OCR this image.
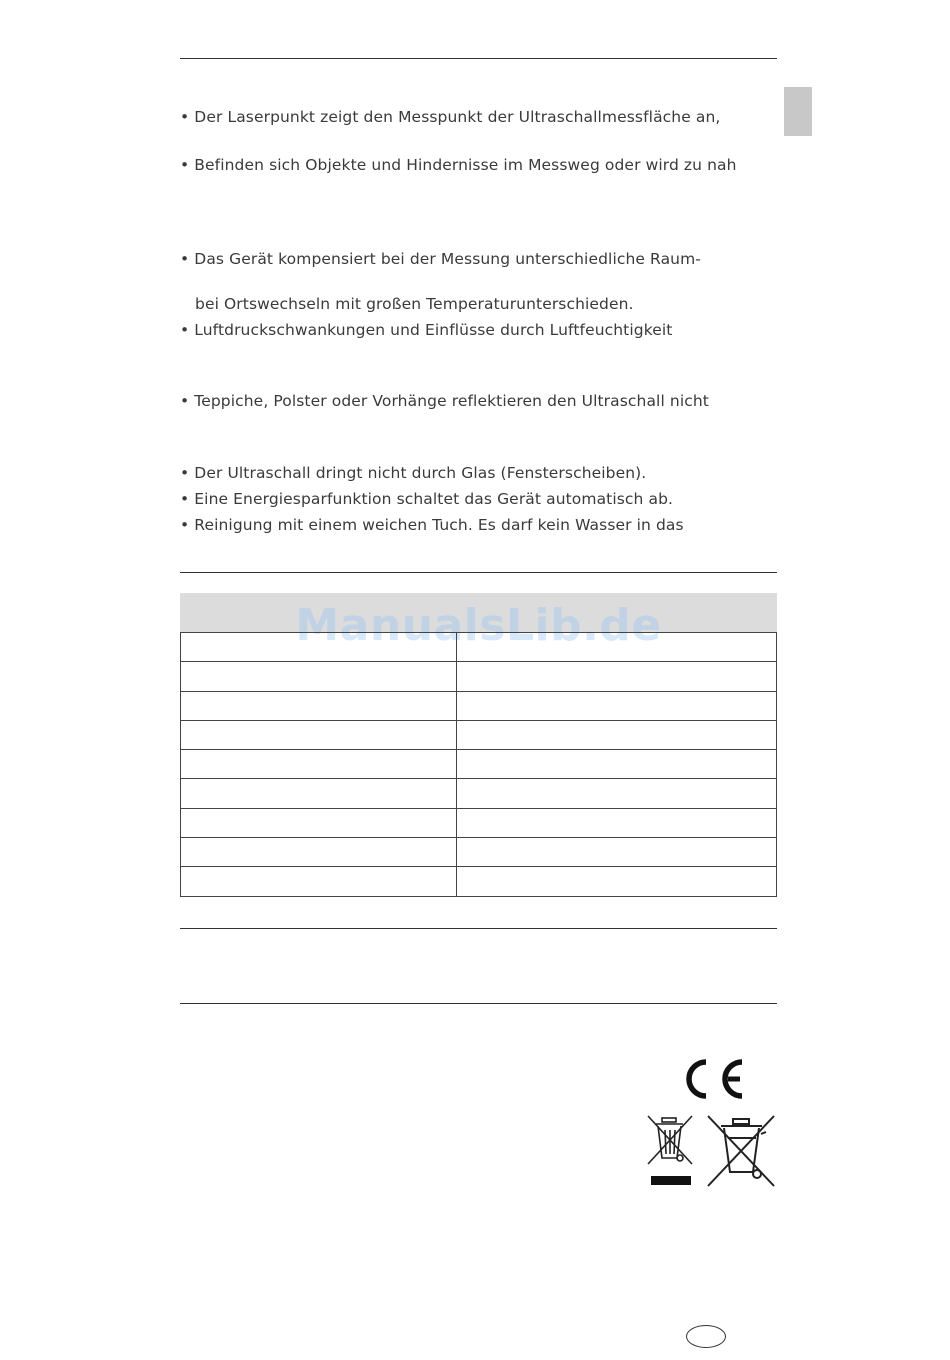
• Der Laserpunkt zeigt den Messpunkt der Ultraschallmessfläche an,
• Befinden sich Objekte und Hindernisse im Messweg oder wird zu nah
• Das Gerät kompensiert bei der Messung unterschiedliche Raum-
bei Ortswechseln mit großen Temperaturunterschieden.
• Luftdruckschwankungen und Einflüsse durch Luftfeuchtigkeit
• Teppiche, Polster oder Vorhänge reflektieren den Ultraschall nicht
• Der Ultraschall dringt nicht durch Glas (Fensterscheiben).
• Eine Energiesparfunktion schaltet das Gerät automatisch ab.
• Reinigung mit einem weichen Tuch. Es darf kein Wasser in das
ManualsLib.de
